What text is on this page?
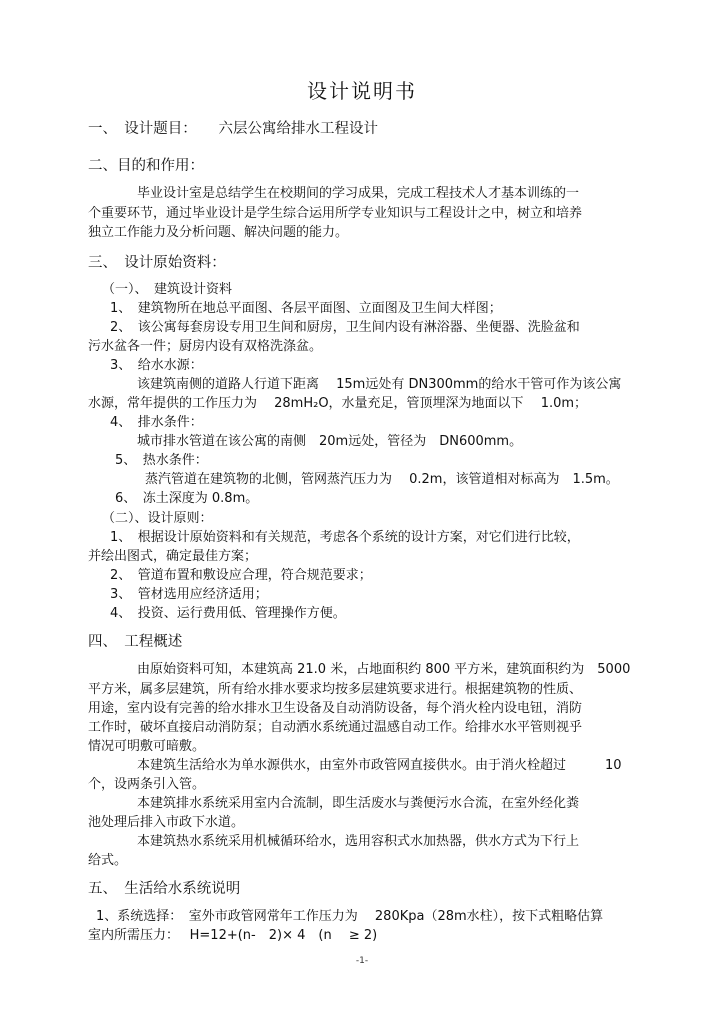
设计说明书
一、　设计题目：　　六层公寓给排水工程设计
二、目的和作用：
毕业设计室是总结学生在校期间的学习成果，完成工程技术人才基本训练的一
个重要环节，通过毕业设计是学生综合运用所学专业知识与工程设计之中，树立和培养
独立工作能力及分析问题、解决问题的能力。
三、　设计原始资料：
（一）、　建筑设计资料
1、　建筑物所在地总平面图、各层平面图、立面图及卫生间大样图；
2、　该公寓每套房设专用卫生间和厨房，卫生间内设有淋浴器、坐便器、洗脸盆和
污水盆各一件；厨房内设有双格洗涤盆。
3、　给水水源：
该建筑南侧的道路人行道下距离　 15m远处有 DN300mm的给水干管可作为该公寓
水源，常年提供的工作压力为　 28mH₂O，水量充足，管顶埋深为地面以下　 1.0m；
4、　排水条件：
城市排水管道在该公寓的南侧　20m远处，管径为　DN600mm。
5、　热水条件：
蒸汽管道在建筑物的北侧，管网蒸汽压力为　 0.2m，该管道相对标高为　1.5m。
6、　冻土深度为 0.8m。
（二）、设计原则：
1、　根据设计原始资料和有关规范，考虑各个系统的设计方案，对它们进行比较，
并绘出图式，确定最佳方案；
2、　管道布置和敷设应合理，符合规范要求；
3、　管材选用应经济适用；
4、　投资、运行费用低、管理操作方便。
四、　工程概述
由原始资料可知，本建筑高 21.0 米，占地面积约 800 平方米，建筑面积约为　5000
平方米，属多层建筑，所有给水排水要求均按多层建筑要求进行。根据建筑物的性质、
用途，室内设有完善的给水排水卫生设备及自动消防设备，每个消火栓内设电钮，消防
工作时，破坏直接启动消防泵；自动洒水系统通过温感自动工作。给排水水平管则视乎
情况可明敷可暗敷。
本建筑生活给水为单水源供水，由室外市政管网直接供水。由于消火栓超过　　　10
个，设两条引入管。
本建筑排水系统采用室内合流制，即生活废水与粪便污水合流，在室外经化粪
池处理后排入市政下水道。
本建筑热水系统采用机械循环给水，选用容积式水加热器，供水方式为下行上
给式。
五、　生活给水系统说明
1、系统选择：　室外市政管网常年工作压力为　 280Kpa（28m水柱），按下式粗略估算
室内所需压力：　 H=12+(n-　2)× 4　(n　 ≥ 2)
-1-
